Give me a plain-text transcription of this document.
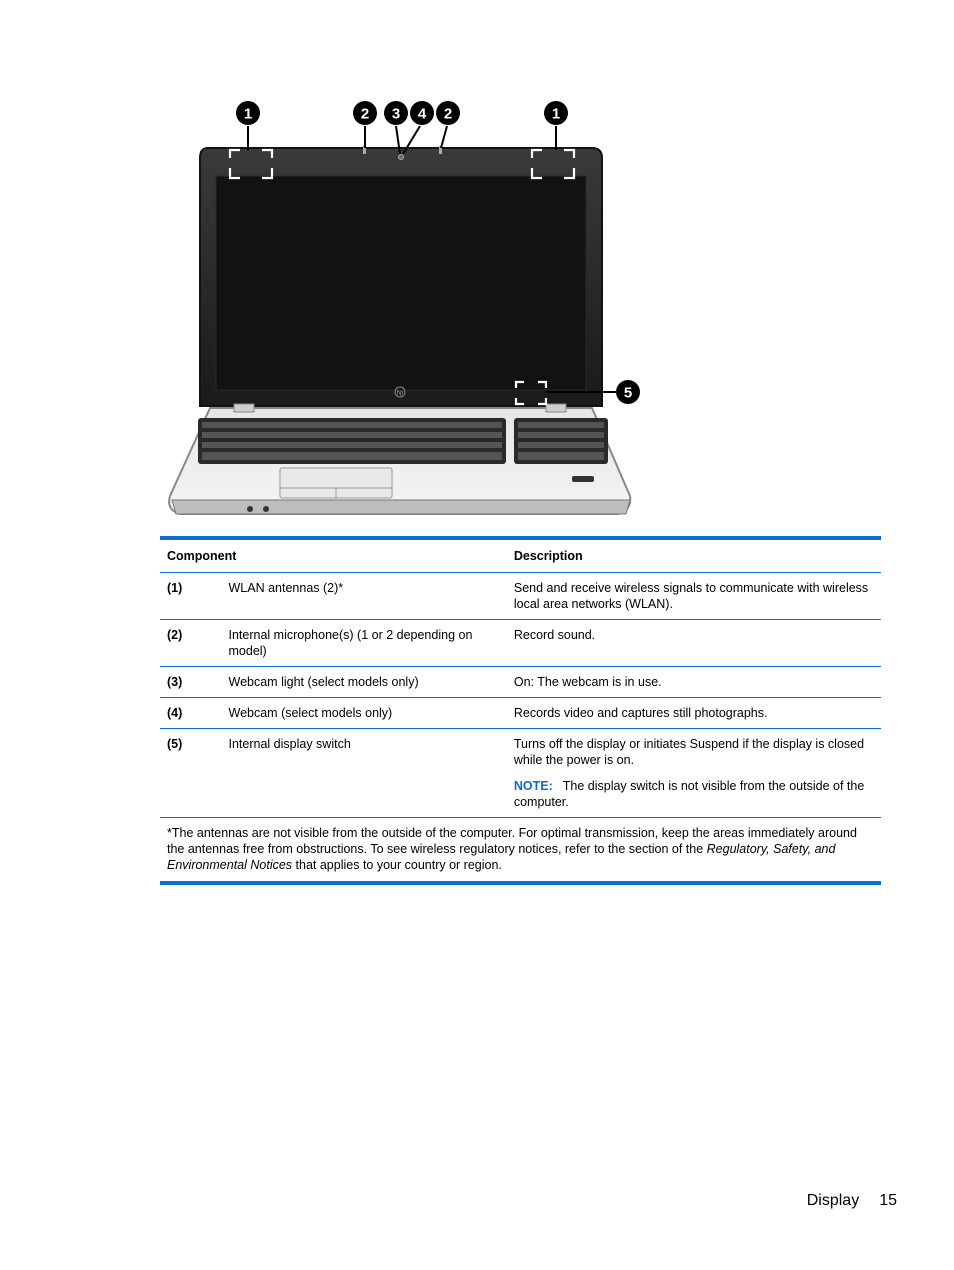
hp
1	2 3 4 2	1
5
Component		Description
(1)	WLAN antennas (2)*	Send and receive wireless signals to communicate with wireless local area networks (WLAN).
(2)	Internal microphone(s) (1 or 2 depending on model)	Record sound.
(3)	Webcam light (select models only)	On: The webcam is in use.
(4)	Webcam (select models only)	Records video and captures still photographs.
(5)	Internal display switch	Turns off the display or initiates Suspend if the display is closed while the power is on.
NOTE: The display switch is not visible from the outside of the computer.

*The antennas are not visible from the outside of the computer. For optimal transmission, keep the areas immediately around the antennas free from obstructions. To see wireless regulatory notices, refer to the section of the Regulatory, Safety, and Environmental Notices that applies to your country or region.		
Display 15
